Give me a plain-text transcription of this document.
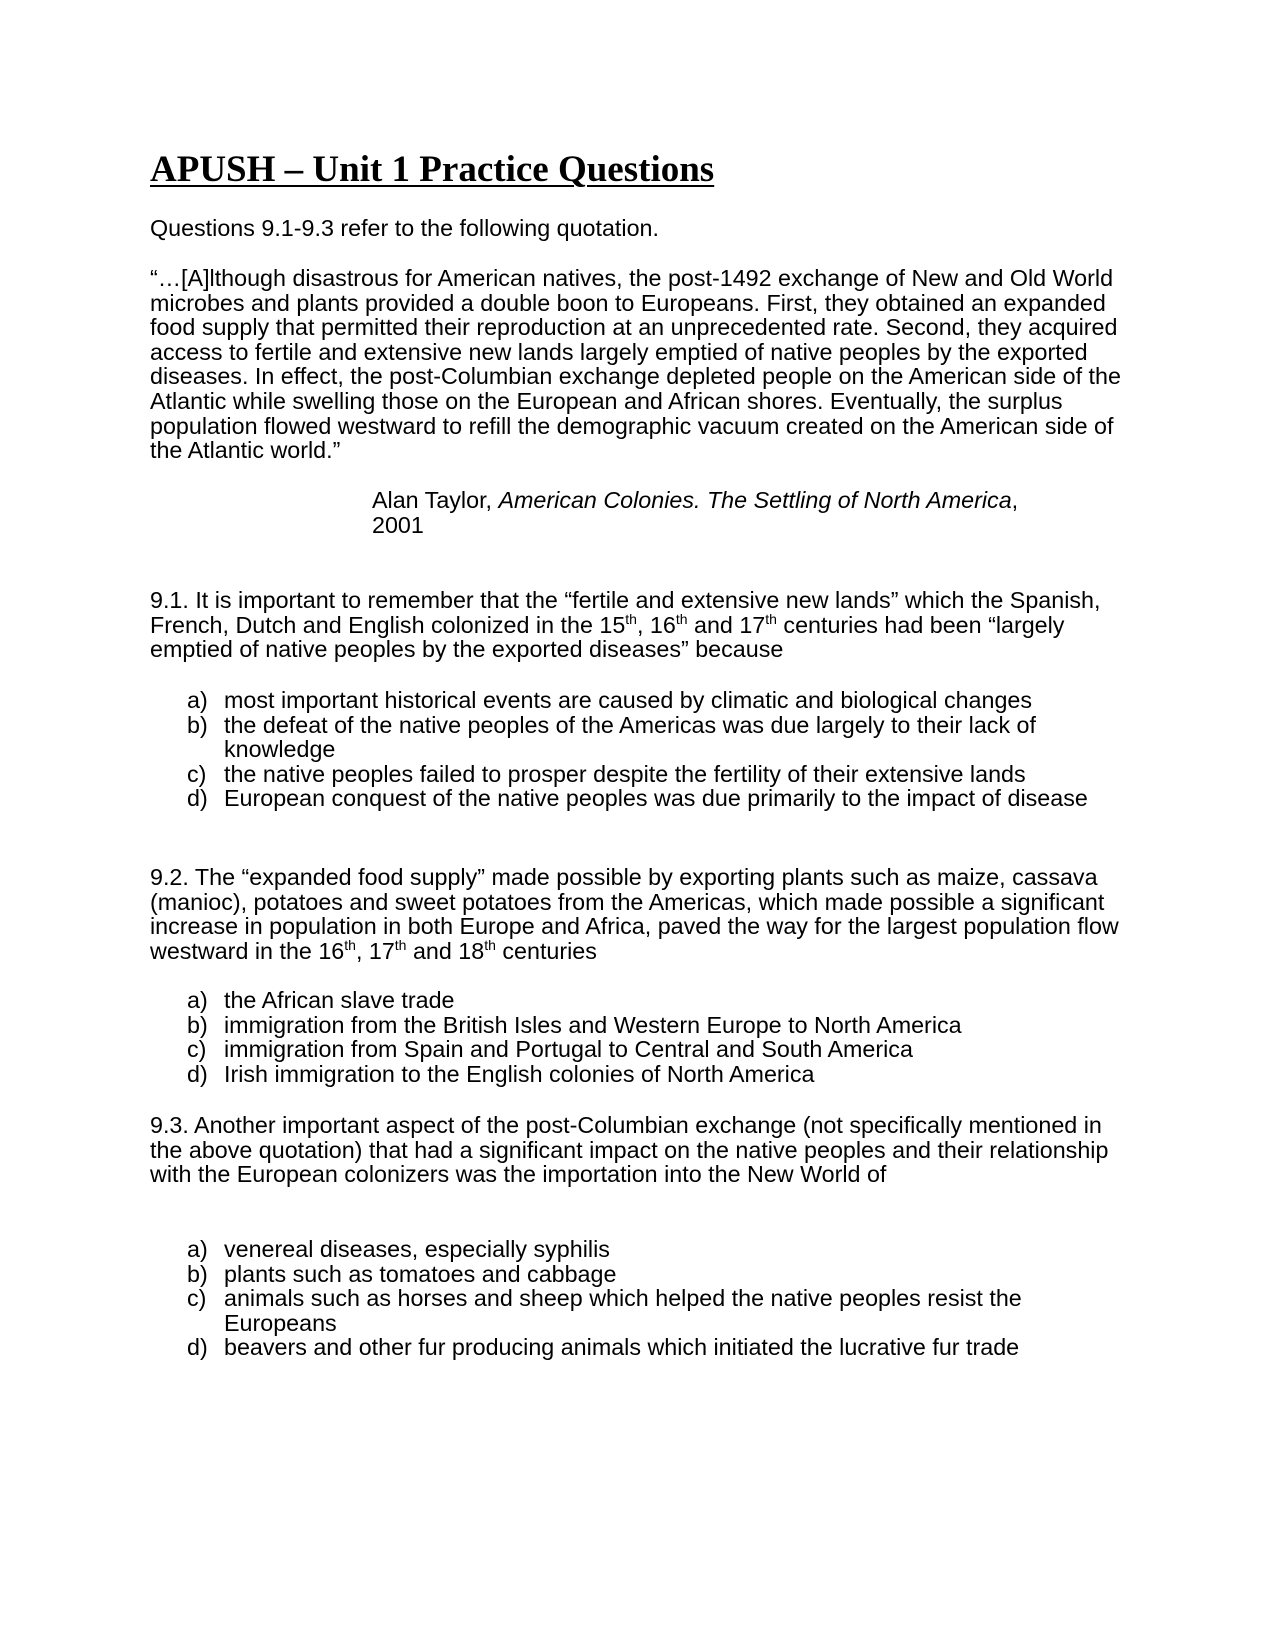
APUSH – Unit 1 Practice Questions

Questions 9.1-9.3 refer to the following quotation.

“…[A]lthough disastrous for American natives, the post-1492 exchange of New and Old World microbes and plants provided a double boon to Europeans. First, they obtained an expanded food supply that permitted their reproduction at an unprecedented rate. Second, they acquired access to fertile and extensive new lands largely emptied of native peoples by the exported diseases. In effect, the post-Columbian exchange depleted people on the American side of the Atlantic while swelling those on the European and African shores. Eventually, the surplus population flowed westward to refill the demographic vacuum created on the American side of the Atlantic world.”

Alan Taylor, American Colonies. The Settling of North America,
2001

9.1. It is important to remember that the “fertile and extensive new lands” which the Spanish, French, Dutch and English colonized in the 15th, 16th and 17th centuries had been “largely emptied of native peoples by the exported diseases” because

a) most important historical events are caused by climatic and biological changes
b) the defeat of the native peoples of the Americas was due largely to their lack of knowledge
c) the native peoples failed to prosper despite the fertility of their extensive lands
d) European conquest of the native peoples was due primarily to the impact of disease

9.2. The “expanded food supply” made possible by exporting plants such as maize, cassava (manioc), potatoes and sweet potatoes from the Americas, which made possible a significant increase in population in both Europe and Africa, paved the way for the largest population flow westward in the 16th, 17th and 18th centuries

a) the African slave trade
b) immigration from the British Isles and Western Europe to North America
c) immigration from Spain and Portugal to Central and South America
d) Irish immigration to the English colonies of North America

9.3. Another important aspect of the post-Columbian exchange (not specifically mentioned in the above quotation) that had a significant impact on the native peoples and their relationship with the European colonizers was the importation into the New World of

a) venereal diseases, especially syphilis
b) plants such as tomatoes and cabbage
c) animals such as horses and sheep which helped the native peoples resist the Europeans
d) beavers and other fur producing animals which initiated the lucrative fur trade
